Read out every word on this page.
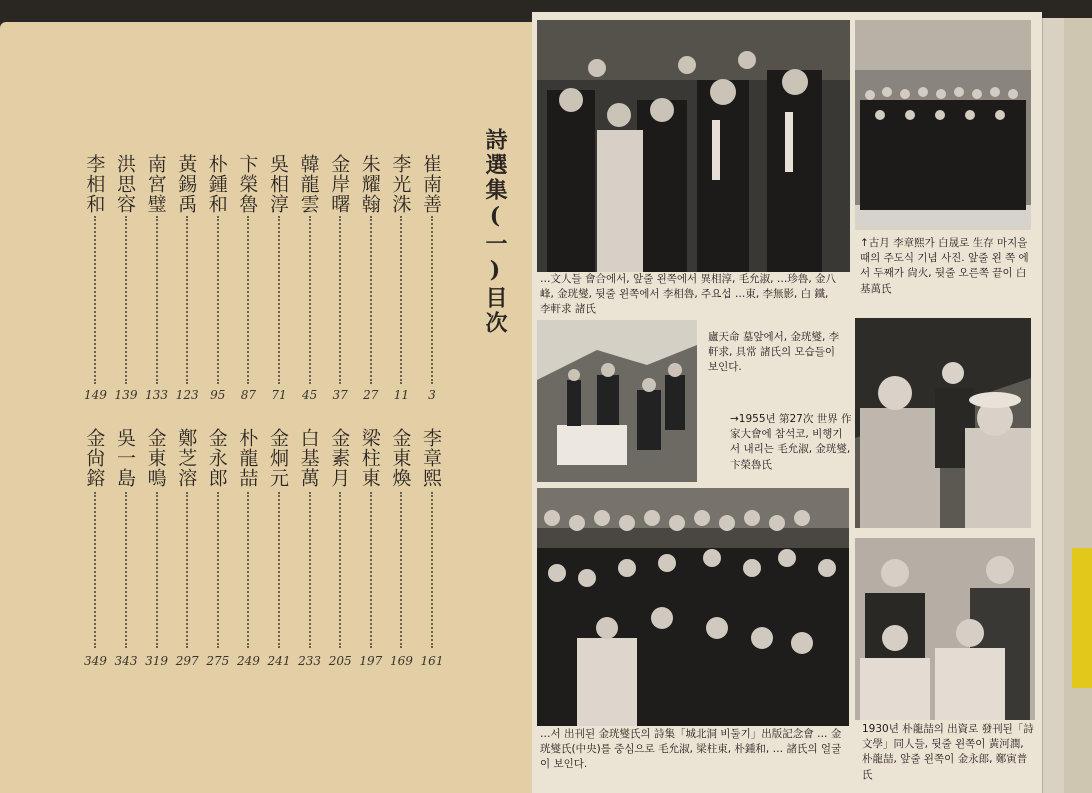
詩選集(一)目次
崔南善
3
李光洙
11
朱耀翰
27
金岸曙
37
韓龍雲
45
吳相淳
71
卞榮魯
87
朴鍾和
95
黃錫禹
123
南宮璧
133
洪思容
139
李相和
149
李章熙
161
金東煥
169
梁柱東
197
金素月
205
白基萬
233
金炯元
241
朴龍喆
249
金永郎
275
鄭芝溶
297
金東鳴
319
吳一島
343
金尙鎔
349
…文人들 會合에서, 앞줄 왼쪽에서 異相淳, 毛允淑, …珍魯, 金八峰, 金珖燮, 뒷줄 왼쪽에서 李相魯, 주요섭 …東, 李無影, 白 鐵, 李軒求 諸氏
↑古月 李章熙가 白晟로 生存 마지을 때의 주도식 기념 사진. 앞줄 왼 쪽 에서 두째가 尙火, 뒷줄 오른쪽 끝이 白基萬氏
廬天命 墓앞에서, 金珖燮, 李軒求, 具常 諸氏의 모습들이 보인다.
→1955년 第27次 世界 作家大會에 참석코, 비행기서 내리는 毛允淑, 金珖燮, 卞榮魯氏
…서 出刊된 金珖燮氏의 詩集「城北洞 비둘기」出版記念會 … 金珖燮氏(中央)를 중심으로 毛允淑, 梁柱東, 朴鍾和, … 諸氏의 얼굴이 보인다.
1930년 朴龍喆의 出資로 發刊된「詩文學」同人들, 뒷줄 왼쪽이 黃河潤, 朴龍喆, 앞줄 왼쪽이 金永郎, 鄭寅普氏
